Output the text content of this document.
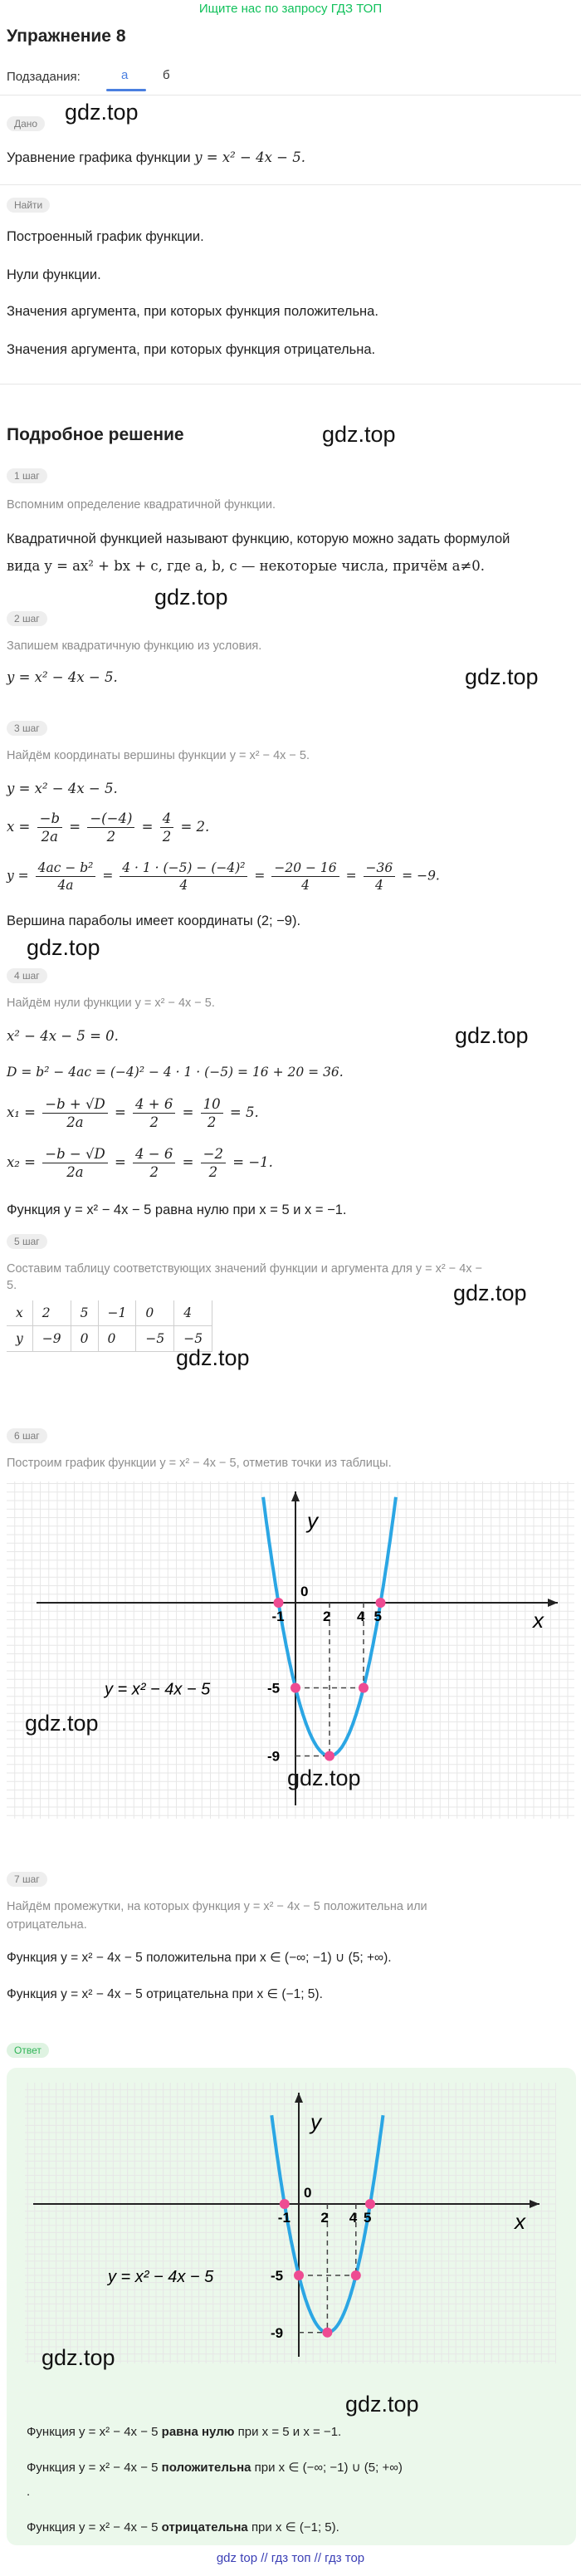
Ищите нас по запросу ГДЗ ТОП
Упражнение 8
Подзадания:	а	б
Дано	gdz.top
Уравнение графика функции y = x² − 4x − 5.
Найти
Построенный график функции.
Нули функции.
Значения аргумента, при которых функция положительна.
Значения аргумента, при которых функция отрицательна.
Подробное решение	gdz.top
1 шаг
Вспомним определение квадратичной функции.
Квадратичной функцией называют функцию, которую можно задать формулой
вида y = ax² + bx + c, где a, b, c — некоторые числа, причём a≠0.
gdz.top
2 шаг
Запишем квадратичную функцию из условия.
y = x² − 4x − 5.	gdz.top
3 шаг
Найдём координаты вершины функции y = x² − 4x − 5.
y = x² − 4x − 5.
$x = \frac{-b}{2a} = \frac{-(-4)}{2} = \frac{4}{2} = 2$.
$y = \frac{\text{4ac − b²}}{4a} = \frac{\text{4 · 1 · (−5) − (−4)²}}{4} = \frac{-20 - 16}{4} = \frac{-36}{4} = -9$.
Вершина параболы имеет координаты (2; −9).
gdz.top
4 шаг
Найдём нули функции y = x² − 4x − 5.
gdz.top
x² − 4x − 5 = 0.
D = b² − 4ac = (−4)² − 4 · 1 · (−5) = 16 + 20 = 36.
$x_1 = \frac{-b + √D}{2a} = \frac{4 + 6}{2} = \frac{10}{2} = 5$.
$x_2 = \frac{-b - √D}{2a} = \frac{4 - 6}{2} = \frac{-2}{2} = -1$.
Функция y = x² − 4x − 5 равна нулю при x = 5 и x = −1.
5 шаг
Составим таблицу соответствующих значений функции и аргумента для y = x² − 4x −
5.	gdz.top
x	2	5	−1	0	4
y	−9	0	0	−5	−5
gdz.top
6 шаг
Построим график функции y = x² − 4x − 5, отметив точки из таблицы.
x
y
-1
0
2 4 5
-5
-9
y = x² − 4x − 5
gdz.top
gdz.top
7 шаг
Найдём промежутки, на которых функция y = x² − 4x − 5 положительна или
отрицательна.
Функция y = x² − 4x − 5 положительна при x ∈ (−∞; −1) ∪ (5; +∞).
Функция y = x² − 4x − 5 отрицательна при x ∈ (−1; 5).
Ответ
x
y
-1
0
2 4 5
-5
-9
y = x² − 4x − 5
gdz.top
gdz.top
Функция y = x² − 4x − 5 равна нулю при x = 5 и x = −1.
Функция y = x² − 4x − 5 положительна при x ∈ (−∞; −1) ∪ (5; +∞)
.
Функция y = x² − 4x − 5 отрицательна при x ∈ (−1; 5).
gdz top // гдз топ // гдз тор
